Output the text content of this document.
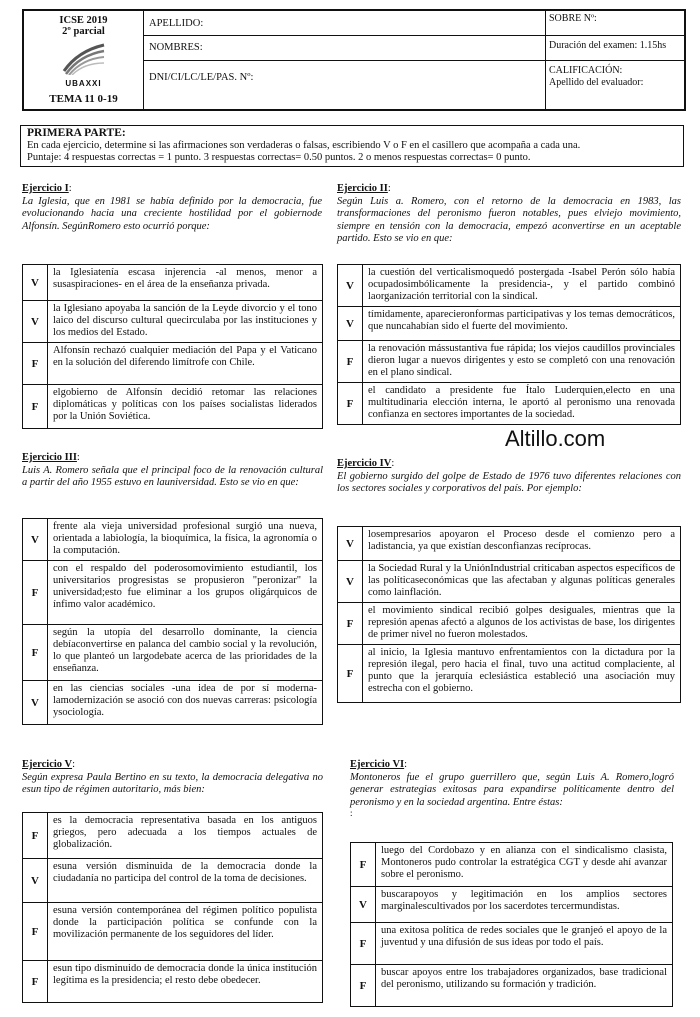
ICSE 2019
2º parcial
UBAXXI
TEMA 11 0-19
APELLIDO:
NOMBRES:
DNI/CI/LC/LE/PAS. Nº:
SOBRE Nº:
Duración del examen: 1.15hs
CALIFICACIÓN:
Apellido del evaluador:
PRIMERA PARTE:
En cada ejercicio, determine si las afirmaciones son verdaderas o falsas, escribiendo V o F en el casillero que acompaña a cada una.
Puntaje: 4 respuestas correctas = 1 punto. 3 respuestas correctas= 0.50 puntos. 2 o menos respuestas correctas= 0 punto.
Ejercicio I:
La Iglesia, que en 1981 se había definido por la democracia, fue evolucionando hacia una creciente hostilidad por el gobiernode Alfonsín. SegúnRomero esto ocurrió porque:
V	la Iglesiatenía escasa injerencia -al menos, menor a susaspiraciones- en el área de la enseñanza privada.
V	la Iglesiano apoyaba la sanción de la Leyde divorcio y el tono laico del discurso cultural quecirculaba por las instituciones y los medios del Estado.
F	Alfonsín rechazó cualquier mediación del Papa y el Vaticano en la solución del diferendo limítrofe con Chile.
F	elgobierno de Alfonsín decidió retomar las relaciones diplomáticas y políticas con los países socialistas liderados por la Unión Soviética.
Ejercicio II:
Según Luis a. Romero, con el retorno de la democracia en 1983, las transformaciones del peronismo fueron notables, pues elviejo movimiento, siempre en tensión con la democracia, empezó aconvertirse en un aceptable partido. Esto se vio en que:
V	la cuestión del verticalismoquedó postergada -Isabel Perón sólo había ocupadosimbólicamente la presidencia-, y el partido combinó laorganización territorial con la sindical.
V	tímidamente, aparecieronformas participativas y los temas democráticos, que nuncahabían sido el fuerte del movimiento.
F	la renovación mássustantiva fue rápida; los viejos caudillos provinciales dieron lugar a nuevos dirigentes y esto se completó con una renovación en el plano sindical.
F	el candidato a presidente fue Ítalo Luderquien,electo en una multitudinaria elección interna, le aportó al peronismo una renovada confianza en sectores importantes de la sociedad.
Altillo.com
Ejercicio III:
Luis A. Romero señala que el principal foco de la renovación cultural a partir del año 1955 estuvo en launiversidad. Esto se vio en que:
V	frente ala vieja universidad profesional surgió una nueva, orientada a labiología, la bioquímica, la física, la agronomía o la computación.
F	con el respaldo del poderosomovimiento estudiantil, los universitarios progresistas se propusieron "peronizar" la universidad;esto fue eliminar a los grupos oligárquicos de ínfimo valor académico.
F	según la utopía del desarrollo dominante, la ciencia debíaconvertirse en palanca del cambio social y la revolución, lo que planteó un largodebate acerca de las prioridades de la enseñanza.
V	en las ciencias sociales -una idea de por sí moderna- lamodernización se asoció con dos nuevas carreras: psicología ysociología.
Ejercicio IV:
El gobierno surgido del golpe de Estado de 1976 tuvo diferentes relaciones con los sectores sociales y corporativos del país. Por ejemplo:
V	losempresarios apoyaron el Proceso desde el comienzo pero a ladistancia, ya que existían desconfianzas recíprocas.
V	la Sociedad Rural y la UniónIndustrial criticaban aspectos específicos de las políticaseconómicas que las afectaban y algunas políticas generales como lainflación.
F	el movimiento sindical recibió golpes desiguales, mientras que la represión apenas afectó a algunos de los activistas de base, los dirigentes de primer nivel no fueron molestados.
F	al inicio, la Iglesia mantuvo enfrentamientos con la dictadura por la represión ilegal, pero hacia el final, tuvo una actitud complaciente, al punto que la jerarquía eclesiástica estableció una asociación muy estrecha con el gobierno.
Ejercicio V:
Según expresa Paula Bertino en su texto, la democracia delegativa no esun tipo de régimen autoritario, más bien:
F	es la democracia representativa basada en los antiguos griegos, pero adecuada a los tiempos actuales de globalización.
V	esuna versión disminuida de la democracia donde la ciudadanía no participa del control de la toma de decisiones.
F	esuna versión contemporánea del régimen político populista donde la participación política se confunde con la movilización permanente de los seguidores del líder.
F	esun tipo disminuido de democracia donde la única institución legítima es la presidencia; el resto debe obedecer.
Ejercicio VI:
Montoneros fue el grupo guerrillero que, según Luis A. Romero,logró generar estrategias exitosas para expandirse políticamente dentro del peronismo y en la sociedad argentina. Entre éstas:
:
F	luego del Cordobazo y en alianza con el sindicalismo clasista, Montoneros pudo controlar la estratégica CGT y desde ahí avanzar sobre el peronismo.
V	buscarapoyos y legitimación en los amplios sectores marginalescultivados por los sacerdotes tercermundistas.
F	una exitosa política de redes sociales que le granjeó el apoyo de la juventud y una difusión de sus ideas por todo el país.
F	buscar apoyos entre los trabajadores organizados, base tradicional del peronismo, utilizando su formación y tradición.
